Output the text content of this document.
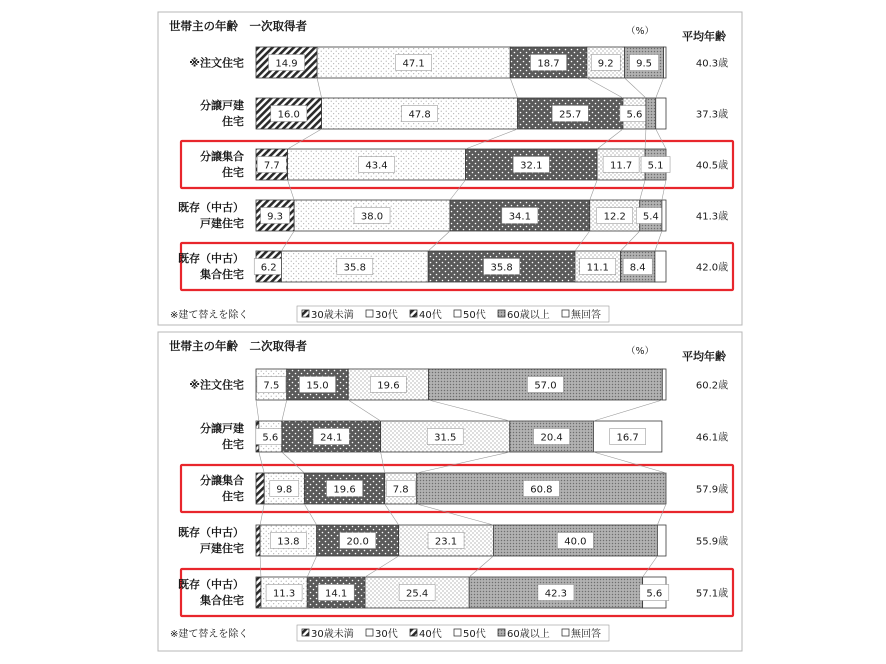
世帯主の年齢　一次取得者	（%）	平均年齢
※注文住宅	14.9	47.1	18.7	9.2 9.5	40.3歳
分譲戸建
住宅	16.0	47.8	25.7	5.6	37.3歳
分譲集合
住宅 7.7	43.4	32.1	11.7 5.1	40.5歳
既存（中古）
戸建住宅 9.3	38.0	34.1	12.2 5.4	41.3歳
既存（中古）
集合住宅 6.2	35.8	35.8	11.1 8.4	42.0歳
※建て替えを除く	30歳未満 30代 40代 50代 60歳以上 無回答
世帯主の年齢　二次取得者	（%）	平均年齢
※注文住宅 7.5	15.0	19.6	57.0	60.2歳
分譲戸建
住宅 5.6	24.1	31.5	20.4	16.7	46.1歳
分譲集合
住宅	9.8	19.6	7.8	60.8	57.9歳
既存（中古）
戸建住宅	13.8	20.0	23.1	40.0	55.9歳
既存（中古）
集合住宅	11.3	14.1	25.4	42.3	5.6	57.1歳
※建て替えを除く	30歳未満 30代 40代 50代 60歳以上 無回答
